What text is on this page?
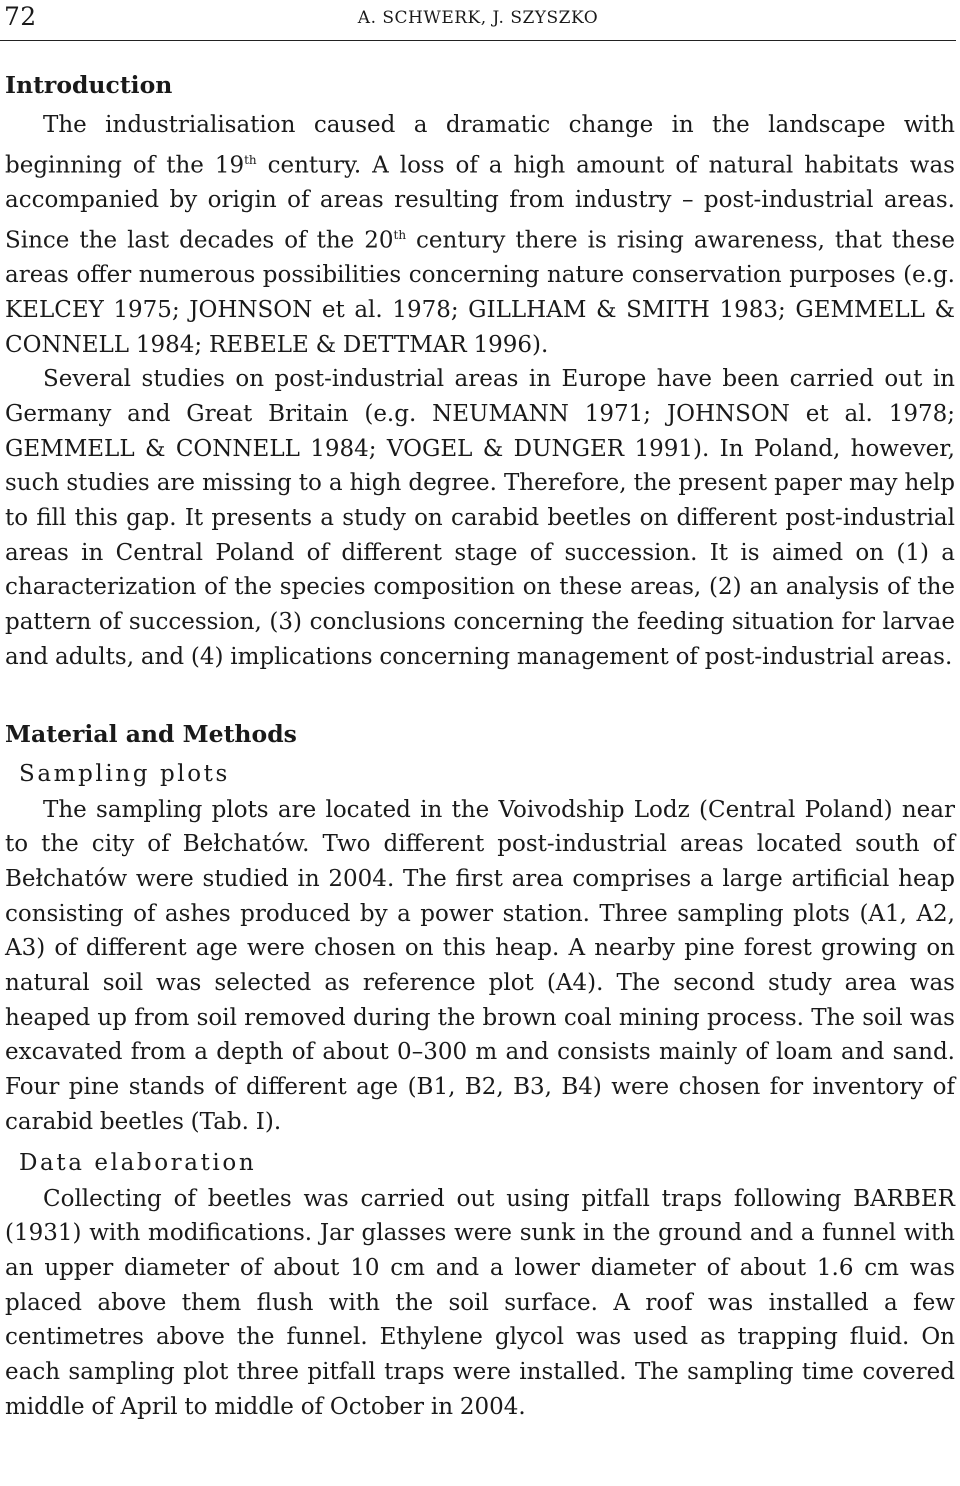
72	A. SCHWERK, J. SZYSZKO
Introduction

The industrialisation caused a dramatic change in the landscape with beginning of the 19th century. A loss of a high amount of natural habitats was accompanied by origin of areas resulting from industry – post-industrial areas. Since the last decades of the 20th century there is rising awareness, that these areas offer numerous possibilities concerning nature conservation purposes (e.g. KELCEY 1975; JOHNSON et al. 1978; GILLHAM & SMITH 1983; GEMMELL & CONNELL 1984; REBELE & DETTMAR 1996).

Several studies on post-industrial areas in Europe have been carried out in Germany and Great Britain (e.g. NEUMANN 1971; JOHNSON et al. 1978; GEMMELL & CONNELL 1984; VOGEL & DUNGER 1991). In Poland, however, such studies are missing to a high degree. Therefore, the present paper may help to fill this gap. It presents a study on carabid beetles on different post-industrial areas in Central Poland of different stage of succession. It is aimed on (1) a characterization of the species composition on these areas, (2) an analysis of the pattern of succession, (3) conclusions concerning the feeding situation for larvae and adults, and (4) implications concerning management of post-industrial areas.

Material and Methods
Sampling plots

The sampling plots are located in the Voivodship Lodz (Central Poland) near to the city of Bełchatów. Two different post-industrial areas located south of Bełchatów were studied in 2004. The first area comprises a large artificial heap consisting of ashes produced by a power station. Three sampling plots (A1, A2, A3) of different age were chosen on this heap. A nearby pine forest growing on natural soil was selected as reference plot (A4). The second study area was heaped up from soil removed during the brown coal mining process. The soil was excavated from a depth of about 0–300 m and consists mainly of loam and sand. Four pine stands of different age (B1, B2, B3, B4) were chosen for inventory of carabid beetles (Tab. I).

Data elaboration

Collecting of beetles was carried out using pitfall traps following BARBER (1931) with modifications. Jar glasses were sunk in the ground and a funnel with an upper diameter of about 10 cm and a lower diameter of about 1.6 cm was placed above them flush with the soil surface. A roof was installed a few centimetres above the funnel. Ethylene glycol was used as trapping fluid. On each sampling plot three pitfall traps were installed. The sampling time covered middle of April to middle of October in 2004.
